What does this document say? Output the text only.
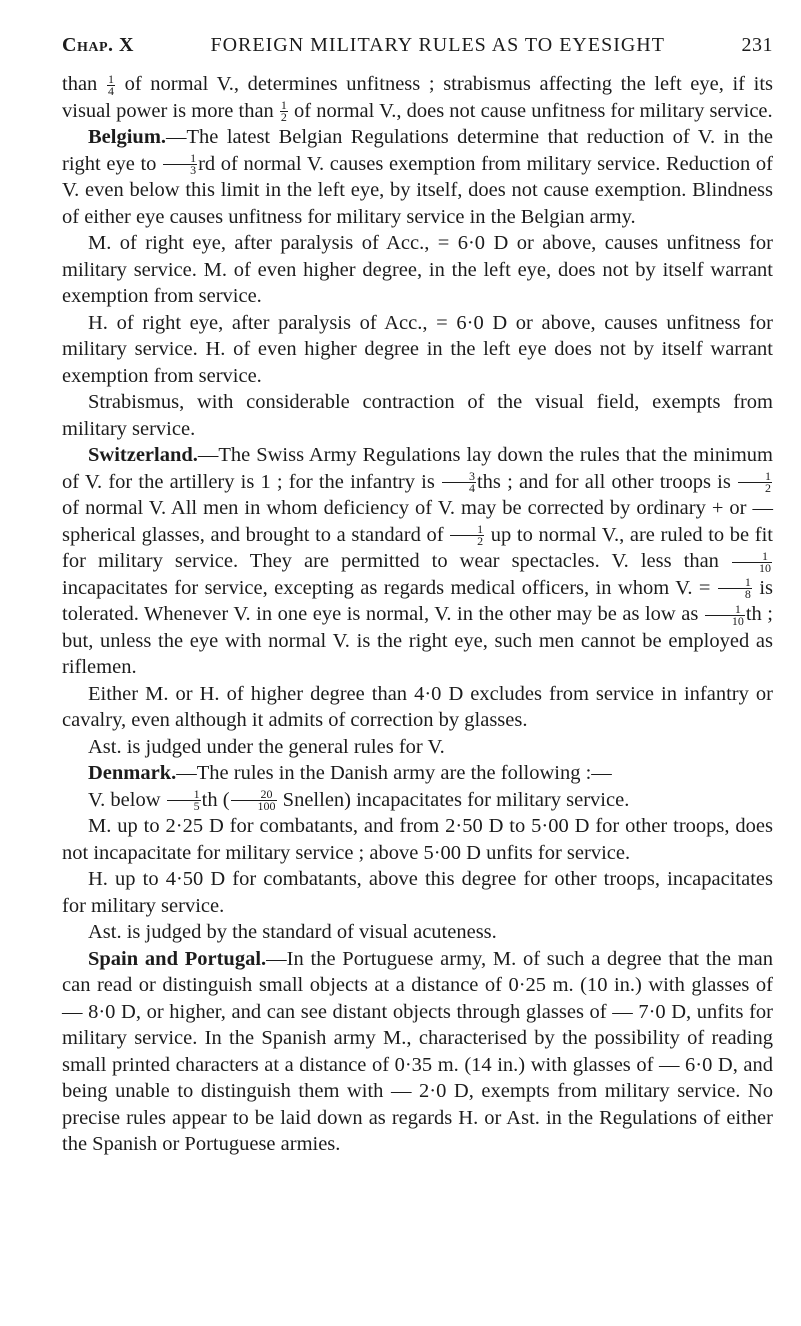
Chap. X	FOREIGN MILITARY RULES AS TO EYESIGHT	231

than $\frac{1}{4}$ of normal V., determines unfitness ; strabismus affecting the left eye, if its visual power is more than $\frac{1}{2}$ of normal V., does not cause unfitness for military service.

Belgium.—The latest Belgian Regulations determine that reduction of V. in the right eye to $\frac{1}{3}$ rd of normal V. causes exemption from military service. Reduction of V. even below this limit in the left eye, by itself, does not cause exemption. Blindness of either eye causes unfitness for military service in the Belgian army.

M. of right eye, after paralysis of Acc., = 6·0 D or above, causes unfitness for military service. M. of even higher degree, in the left eye, does not by itself warrant exemption from service.

H. of right eye, after paralysis of Acc., = 6·0 D or above, causes unfitness for military service. H. of even higher degree in the left eye does not by itself warrant exemption from service.

Strabismus, with considerable contraction of the visual field, exempts from military service.

Switzerland.—The Swiss Army Regulations lay down the rules that the minimum of V. for the artillery is 1 ; for the infantry is $\frac{3}{4}$ ths ; and for all other troops is $\frac{1}{2}$
of normal V. All men in whom deficiency of V. may be corrected by ordinary + or — spherical glasses, and brought to a standard of $\frac{1}{2}$ up to normal V., are ruled to be fit for military service. They are permitted to wear spectacles. V. less than $\frac{1}{10}$
incapacitates for service, excepting as regards medical officers, in whom V. = $\frac{1}{8}$ is tolerated. Whenever V. in one eye is normal, V. in the other may be as low as $\frac{1}{10}$ th ; but, unless the eye with normal V. is the right eye, such men cannot be employed as riflemen.

Either M. or H. of higher degree than 4·0 D excludes from service in infantry or cavalry, even although it admits of correction by glasses.

Ast. is judged under the general rules for V.

Denmark.—The rules in the Danish army are the following :—

V. below $\frac{1}{5}$ th ( $\frac{20}{100}$ Snellen) incapacitates for military service.

M. up to 2·25 D for combatants, and from 2·50 D to 5·00 D for other troops, does not incapacitate for military service ; above 5·00 D unfits for service.

H. up to 4·50 D for combatants, above this degree for other troops, incapacitates for military service.

Ast. is judged by the standard of visual acuteness.

Spain and Portugal.—In the Portuguese army, M. of such a degree that the man can read or distinguish small objects at a distance of 0·25 m. (10 in.) with glasses of — 8·0 D, or higher, and can see distant objects through glasses of — 7·0 D, unfits for military service. In the Spanish army M., characterised by the possibility of reading small printed characters at a distance of 0·35 m. (14 in.) with glasses of — 6·0 D, and being unable to distinguish them with — 2·0 D, exempts from military service. No precise rules appear to be laid down as regards H. or Ast. in the Regulations of either the Spanish or Portuguese armies.
